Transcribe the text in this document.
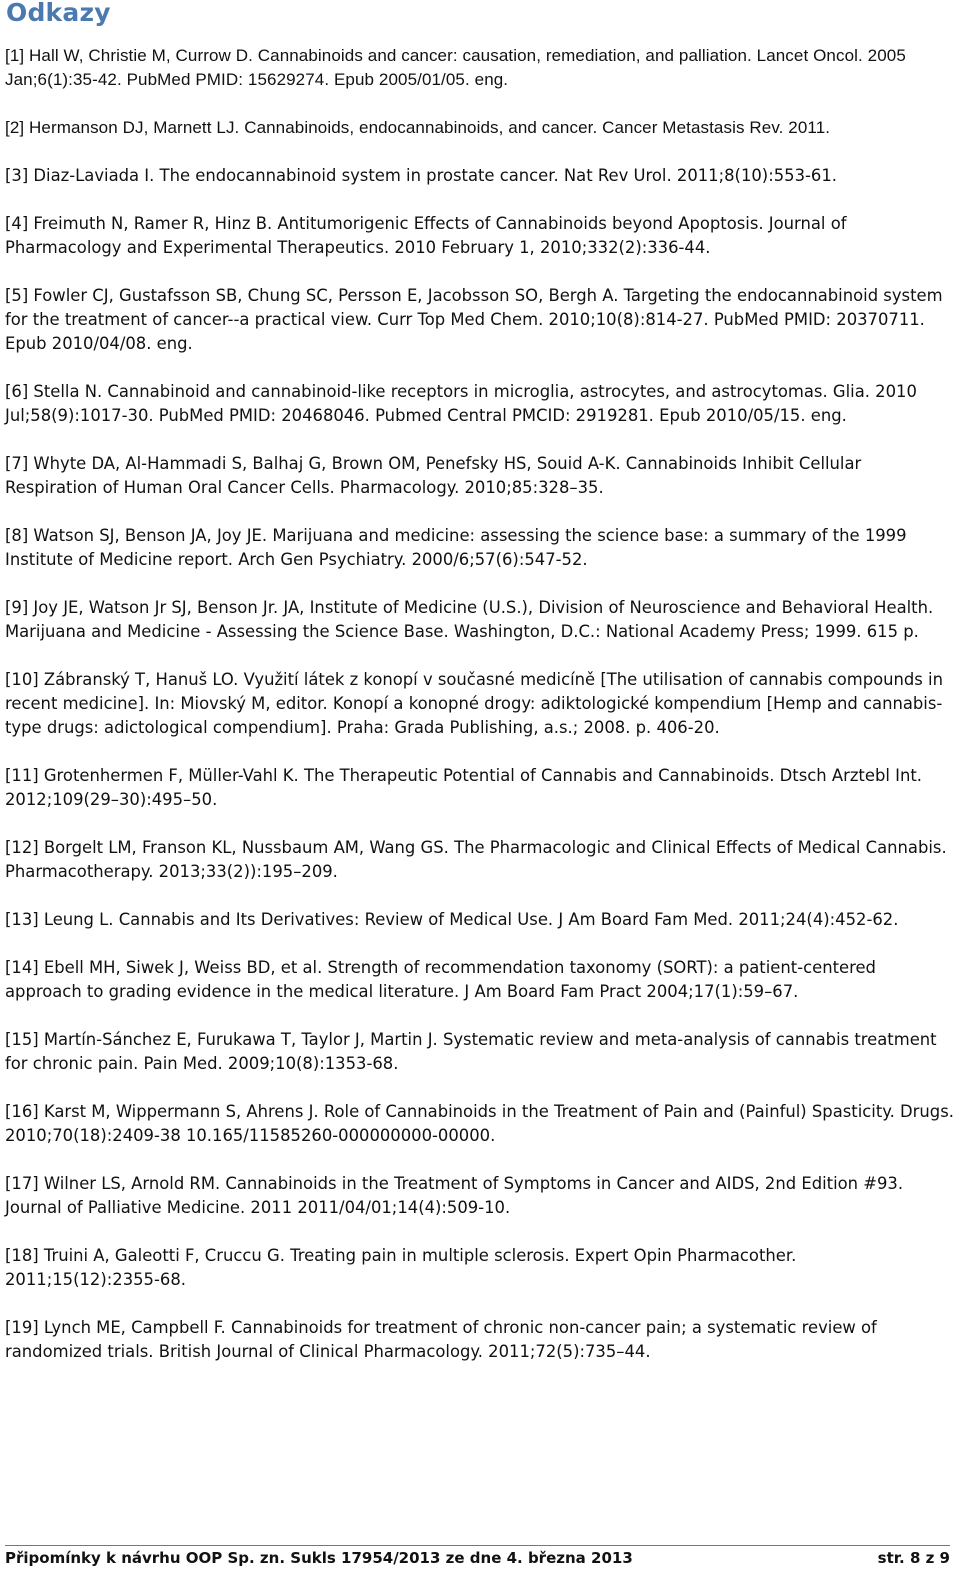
Odkazy
[1] Hall W, Christie M, Currow D. Cannabinoids and cancer: causation, remediation, and palliation. Lancet Oncol. 2005 Jan;6(1):35-42. PubMed PMID: 15629274. Epub 2005/01/05. eng.
[2] Hermanson DJ, Marnett LJ. Cannabinoids, endocannabinoids, and cancer. Cancer Metastasis Rev. 2011.
[3] Diaz-Laviada I. The endocannabinoid system in prostate cancer. Nat Rev Urol. 2011;8(10):553-61.
[4] Freimuth N, Ramer R, Hinz B. Antitumorigenic Effects of Cannabinoids beyond Apoptosis. Journal of Pharmacology and Experimental Therapeutics. 2010 February 1, 2010;332(2):336-44.
[5] Fowler CJ, Gustafsson SB, Chung SC, Persson E, Jacobsson SO, Bergh A. Targeting the endocannabinoid system for the treatment of cancer--a practical view. Curr Top Med Chem. 2010;10(8):814-27. PubMed PMID: 20370711. Epub 2010/04/08. eng.
[6] Stella N. Cannabinoid and cannabinoid-like receptors in microglia, astrocytes, and astrocytomas. Glia. 2010 Jul;58(9):1017-30. PubMed PMID: 20468046. Pubmed Central PMCID: 2919281. Epub 2010/05/15. eng.
[7] Whyte DA, Al-Hammadi S, Balhaj G, Brown OM, Penefsky HS, Souid A-K. Cannabinoids Inhibit Cellular Respiration of Human Oral Cancer Cells. Pharmacology. 2010;85:328–35.
[8] Watson SJ, Benson JA, Joy JE. Marijuana and medicine: assessing the science base: a summary of the 1999 Institute of Medicine report. Arch Gen Psychiatry. 2000/6;57(6):547-52.
[9] Joy JE, Watson Jr SJ, Benson Jr. JA, Institute of Medicine (U.S.), Division of Neuroscience and Behavioral Health. Marijuana and Medicine - Assessing the Science Base. Washington, D.C.: National Academy Press; 1999. 615 p.
[10] Zábranský T, Hanuš LO. Využití látek z konopí v současné medicíně [The utilisation of cannabis compounds in recent medicine]. In: Miovský M, editor. Konopí a konopné drogy: adiktologické kompendium [Hemp and cannabis-type drugs: adictological compendium]. Praha: Grada Publishing, a.s.; 2008. p. 406-20.
[11] Grotenhermen F, Müller-Vahl K. The Therapeutic Potential of Cannabis and Cannabinoids. Dtsch Arztebl Int. 2012;109(29–30):495–50.
[12] Borgelt LM, Franson KL, Nussbaum AM, Wang GS. The Pharmacologic and Clinical Effects of Medical Cannabis. Pharmacotherapy. 2013;33(2)):195–209.
[13] Leung L. Cannabis and Its Derivatives: Review of Medical Use. J Am Board Fam Med. 2011;24(4):452-62.
[14] Ebell MH, Siwek J, Weiss BD, et al. Strength of recommendation taxonomy (SORT): a patient-centered approach to grading evidence in the medical literature. J Am Board Fam Pract 2004;17(1):59–67.
[15] Martín-Sánchez E, Furukawa T, Taylor J, Martin J. Systematic review and meta-analysis of cannabis treatment for chronic pain. Pain Med. 2009;10(8):1353-68.
[16] Karst M, Wippermann S, Ahrens J. Role of Cannabinoids in the Treatment of Pain and (Painful) Spasticity. Drugs. 2010;70(18):2409-38 10.165/11585260-000000000-00000.
[17] Wilner LS, Arnold RM. Cannabinoids in the Treatment of Symptoms in Cancer and AIDS, 2nd Edition #93. Journal of Palliative Medicine. 2011 2011/04/01;14(4):509-10.
[18] Truini A, Galeotti F, Cruccu G. Treating pain in multiple sclerosis. Expert Opin Pharmacother. 2011;15(12):2355-68.
[19] Lynch ME, Campbell F. Cannabinoids for treatment of chronic non-cancer pain; a systematic review of randomized trials. British Journal of Clinical Pharmacology. 2011;72(5):735–44.
Připomínky k návrhu OOP Sp. zn. Sukls 17954/2013 ze dne 4. března 2013	str. 8 z 9
